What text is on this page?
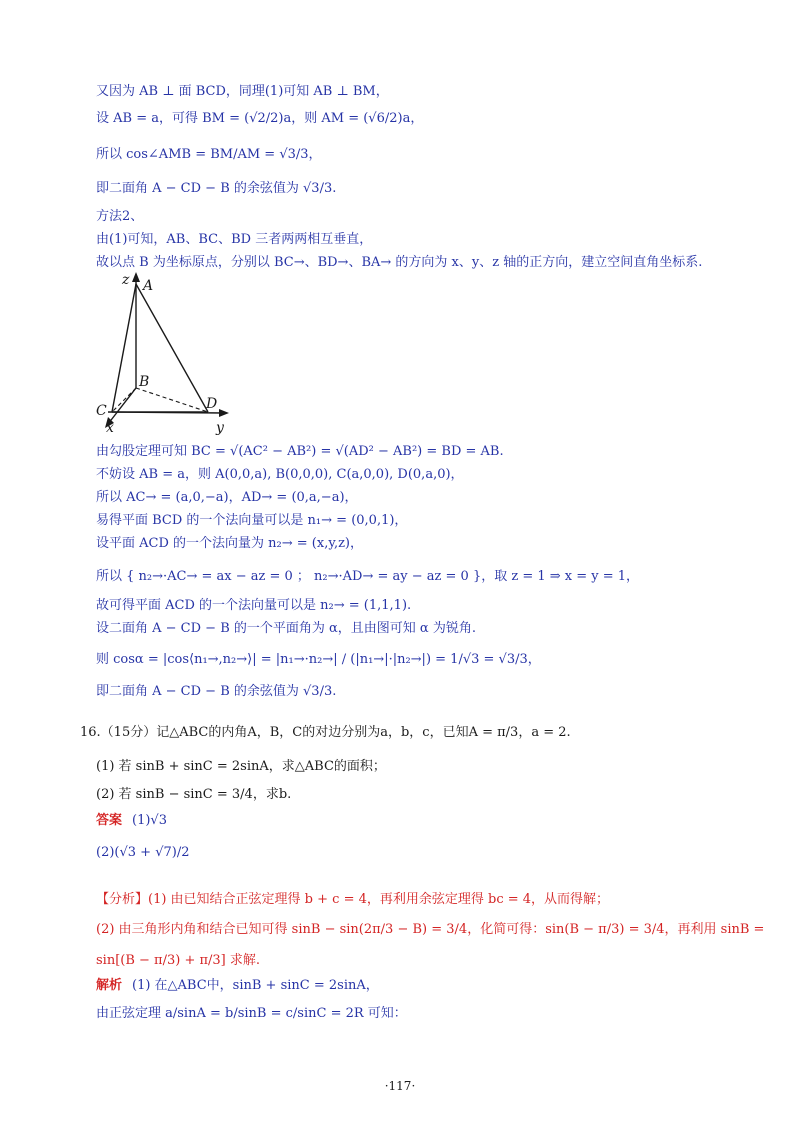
又因为 AB ⊥ 面 BCD，同理(1)可知 AB ⊥ BM，
设 AB = a，可得 BM = (√2/2)a，则 AM = (√6/2)a，
所以 cos∠AMB = BM/AM = √3/3，
即二面角 A − CD − B 的余弦值为 √3/3.
方法2、
由(1)可知，AB、BC、BD 三者两两相互垂直，
故以点 B 为坐标原点，分别以 BC→、BD→、BA→ 的方向为 x、y、z 轴的正方向，建立空间直角坐标系.
z A
B
C	D
x	y
由勾股定理可知 BC = √(AC² − AB²) = √(AD² − AB²) = BD = AB.
不妨设 AB = a，则 A(0,0,a), B(0,0,0), C(a,0,0), D(0,a,0)，
所以 AC→ = (a,0,−a)，AD→ = (0,a,−a)，
易得平面 BCD 的一个法向量可以是 n₁→ = (0,0,1)，
设平面 ACD 的一个法向量为 n₂→ = (x,y,z)，
所以 { n₂→·AC→ = ax − az = 0 ； n₂→·AD→ = ay − az = 0 }，取 z = 1 ⇒ x = y = 1，
故可得平面 ACD 的一个法向量可以是 n₂→ = (1,1,1).
设二面角 A − CD − B 的一个平面角为 α，且由图可知 α 为锐角.
则 cosα = |cos⟨n₁→,n₂→⟩| = |n₁→·n₂→| / (|n₁→|·|n₂→|) = 1/√3 = √3/3，
即二面角 A − CD − B 的余弦值为 √3/3.
16.（15分）记△ABC的内角A，B，C的对边分别为a，b，c，已知A = π/3，a = 2.
(1) 若 sinB + sinC = 2sinA，求△ABC的面积；
(2) 若 sinB − sinC = 3/4，求b.
答案 (1)√3
(2)(√3 + √7)/2
【分析】(1) 由已知结合正弦定理得 b + c = 4，再利用余弦定理得 bc = 4，从而得解；
(2) 由三角形内角和结合已知可得 sinB − sin(2π/3 − B) = 3/4，化简可得：sin(B − π/3) = 3/4，再利用 sinB =
sin[(B − π/3) + π/3] 求解.
解析 (1) 在△ABC中，sinB + sinC = 2sinA，
由正弦定理 a/sinA = b/sinB = c/sinC = 2R 可知：
·117·
